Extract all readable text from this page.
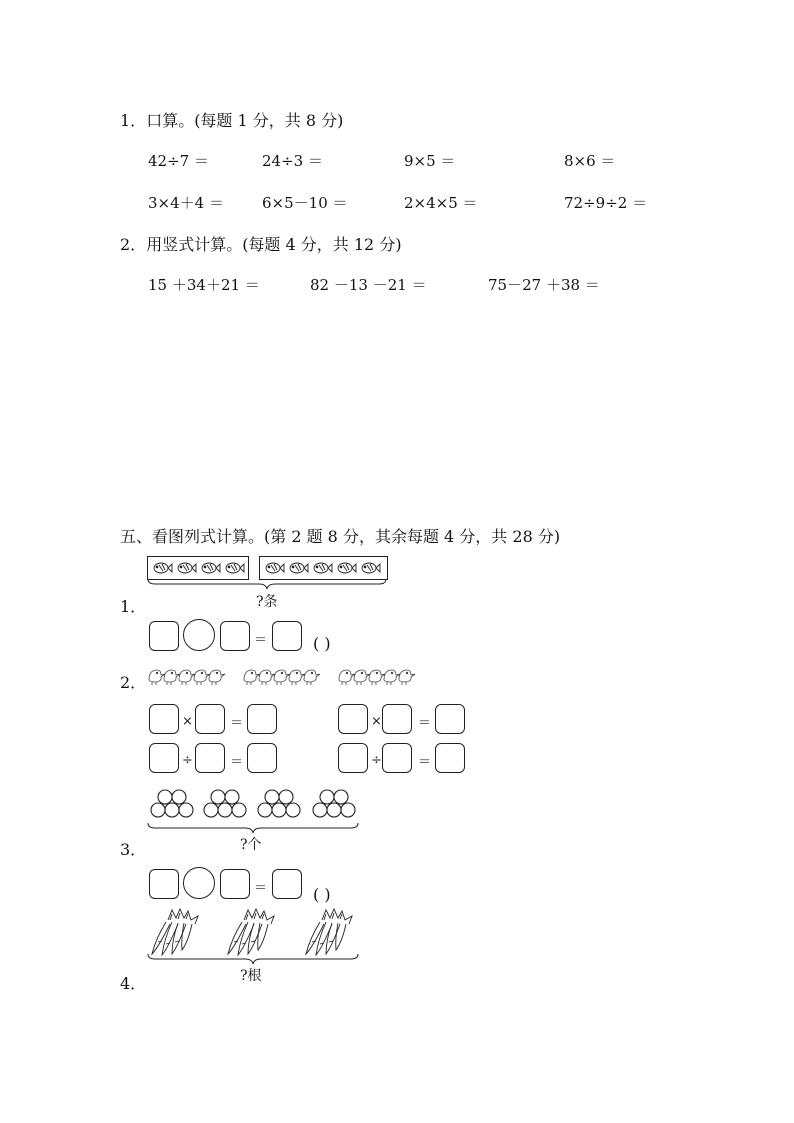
1．口算。(每题 1 分，共 8 分)
42÷7 ＝	24÷3 ＝	9×5 ＝	8×6 ＝
3×4＋4 ＝	6×5－10 ＝	2×4×5 ＝	72÷9÷2 ＝
2．用竖式计算。(每题 4 分，共 12 分)
15 ＋34＋21 ＝	82 －13 －21 ＝	75－27 ＋38 ＝
五、看图列式计算。(第 2 题 8 分，其余每题 4 分，共 28 分)
?条
1．
＝	( )
2．
×	＝	×	＝
÷	＝	÷	＝
?个
3．
＝	( )
?根
4．
